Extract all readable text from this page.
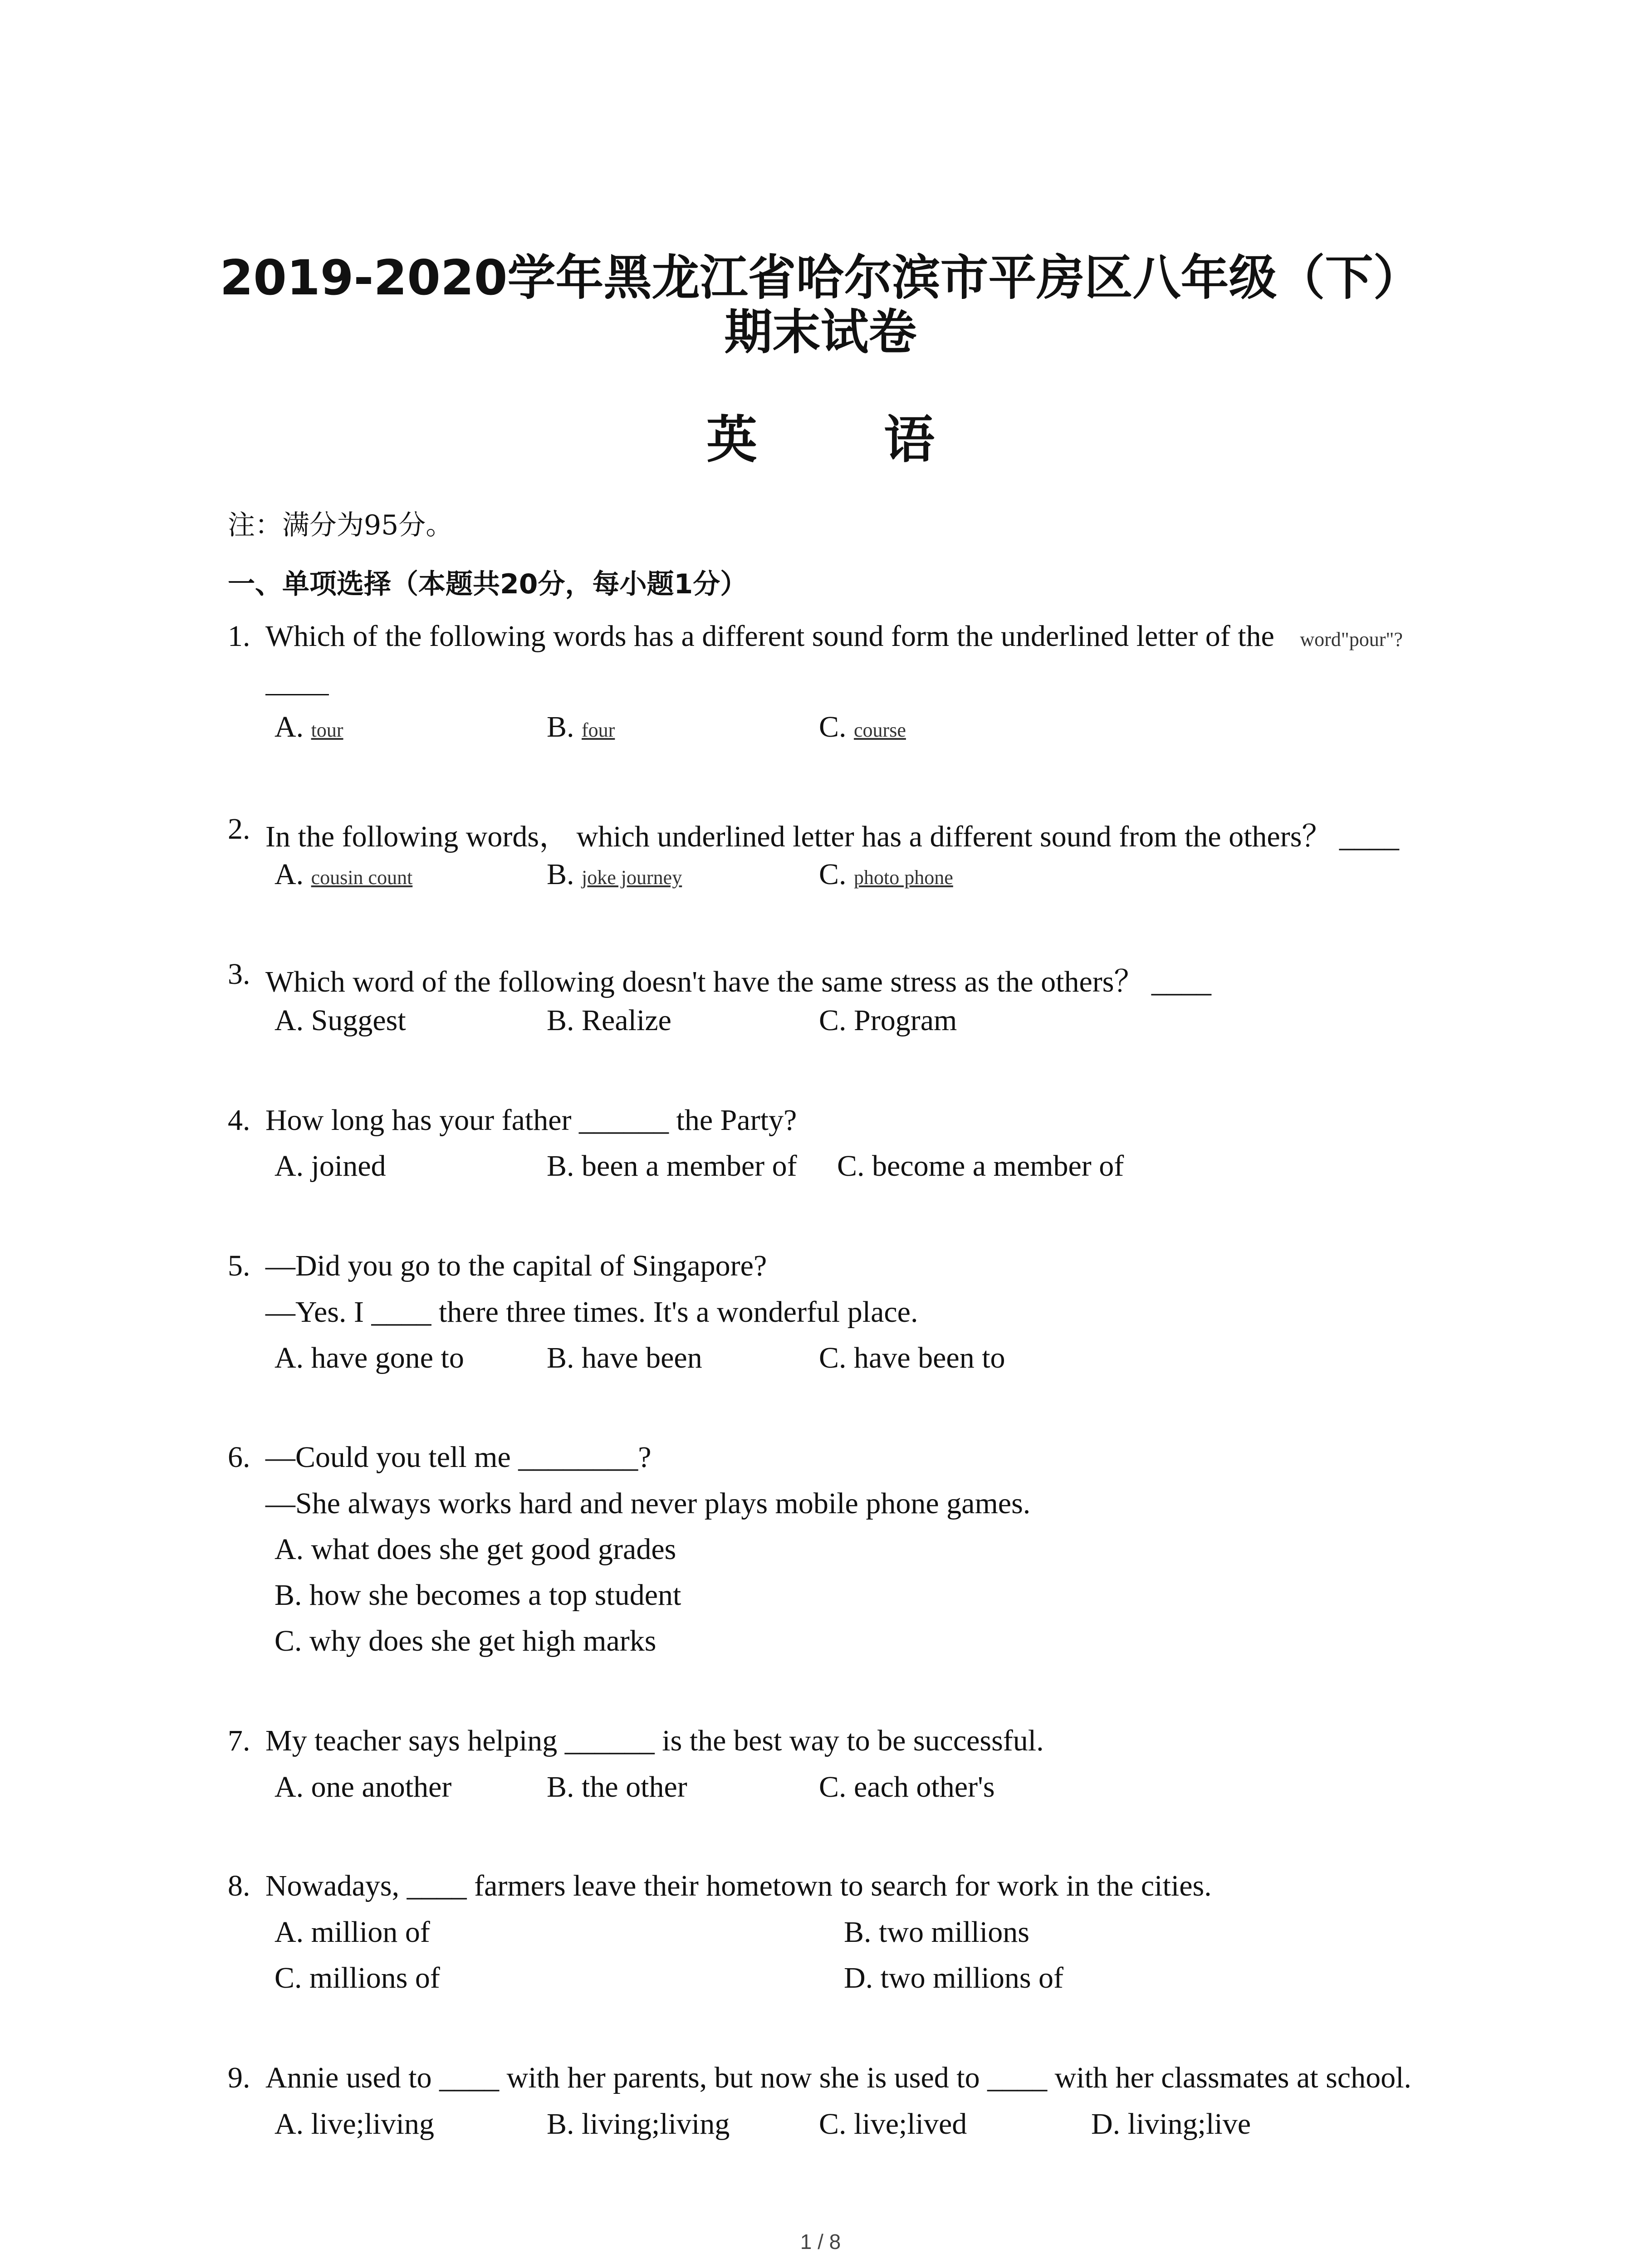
2019-2020学年黑龙江省哈尔滨市平房区八年级（下）
期末试卷
英 语
注：满分为95分。
一、单项选择（本题共20分，每小题1分）
1. Which of the following words has a different sound form the underlined letter of the word"pour"?
A. tour	B. four	C. course
2. In the following words， which underlined letter has a different sound from the others？ ____
A. cousin count	B. joke journey	C. photo phone
3. Which word of the following doesn't have the same stress as the others？ ____
A. Suggest	B. Realize	C. Program
4. How long has your father ______ the Party?
A. joined	B. been a member of C. become a member of
5. —Did you go to the capital of Singapore?
—Yes. I ____ there three times. It's a wonderful place.
A. have gone to	B. have been	C. have been to
6. —Could you tell me ________?
—She always works hard and never plays mobile phone games.
A. what does she get good grades
B. how she becomes a top student
C. why does she get high marks
7. My teacher says helping ______ is the best way to be successful.
A. one another	B. the other	C. each other's
8. Nowadays, ____ farmers leave their hometown to search for work in the cities.
A. million of	B. two millions
C. millions of	D. two millions of
9. Annie used to ____ with her parents, but now she is used to ____ with her classmates at school.
A. live;living	B. living;living	C. live;lived	D. living;live
1 / 8
